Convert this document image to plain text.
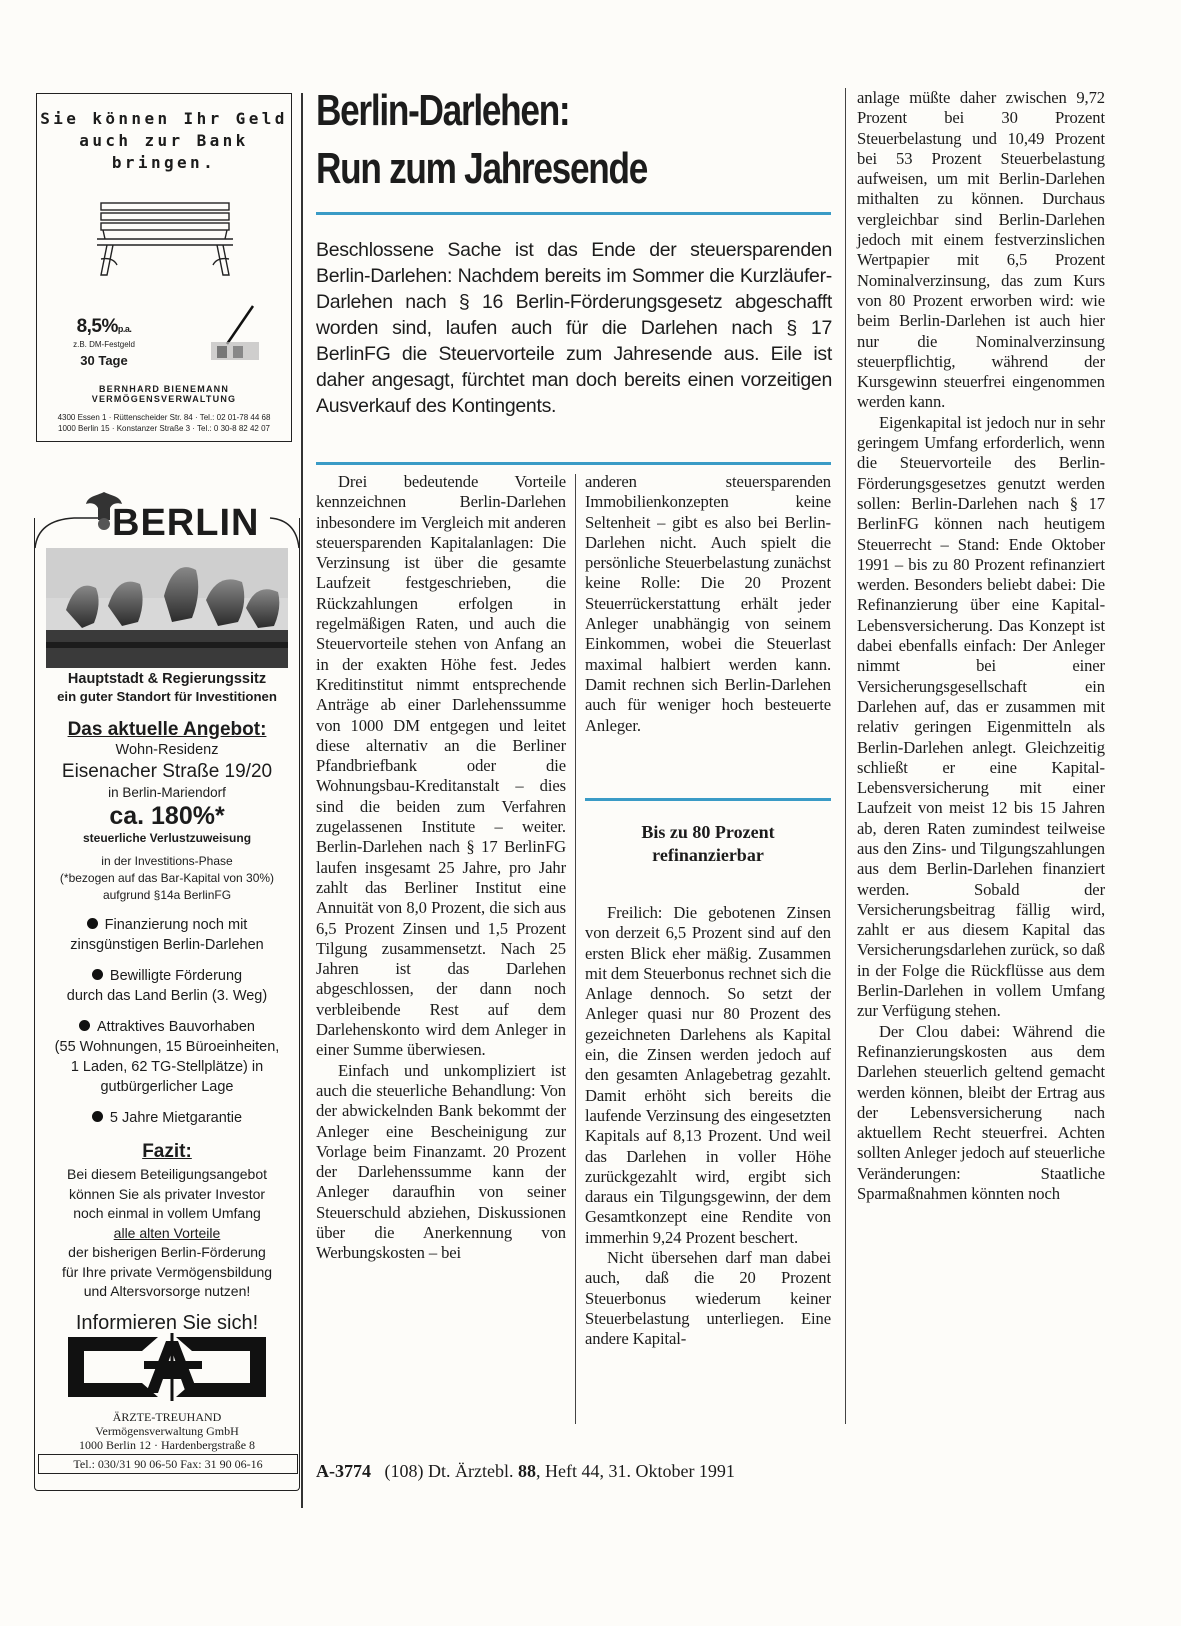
Sie können Ihr Geld auch zur Bank bringen.
8,5%p.a.
z.B. DM-Festgeld
30 Tage
BERNHARD BIENEMANN VERMÖGENSVERWALTUNG
4300 Essen 1 · Rüttenscheider Str. 84 · Tel.: 02 01-78 44 68
1000 Berlin 15 · Konstanzer Straße 3 · Tel.: 0 30-8 82 42 07
BERLIN
Hauptstadt & Regierungssitz
ein guter Standort für Investitionen
Das aktuelle Angebot:
Wohn-Residenz
Eisenacher Straße 19/20
in Berlin-Mariendorf
ca. 180%*
steuerliche Verlustzuweisung
in der Investitions-Phase
(*bezogen auf das Bar-Kapital von 30%)
aufgrund §14a BerlinFG
Finanzierung noch mit
zinsgünstigen Berlin-Darlehen
Bewilligte Förderung
durch das Land Berlin (3. Weg)
Attraktives Bauvorhaben
(55 Wohnungen, 15 Büroeinheiten,
1 Laden, 62 TG-Stellplätze) in
gutbürgerlicher Lage
5 Jahre Mietgarantie
Fazit:
Bei diesem Beteiligungsangebot
können Sie als privater Investor
noch einmal in vollem Umfang
alle alten Vorteile
der bisherigen Berlin-Förderung
für Ihre private Vermögensbildung
und Altersvorsorge nutzen!
Informieren Sie sich!
ÄT
ÄRZTE-TREUHAND
Vermögensverwaltung GmbH
1000 Berlin 12 · Hardenbergstraße 8
Tel.: 030/31 90 06-50 Fax: 31 90 06-16
Berlin-Darlehen:
Run zum Jahresende
Beschlossene Sache ist das Ende der steuersparenden Berlin-Darlehen: Nachdem bereits im Sommer die Kurzläufer-Darlehen nach § 16 Berlin-Förderungsgesetz abgeschafft worden sind, laufen auch für die Darlehen nach § 17 BerlinFG die Steuervorteile zum Jahresende aus. Eile ist daher angesagt, fürchtet man doch bereits einen vorzeitigen Ausverkauf des Kontingents.

Drei bedeutende Vorteile kennzeichnen Berlin-Darlehen inbesondere im Vergleich mit anderen steuersparenden Kapitalanlagen: Die Verzinsung ist über die gesamte Laufzeit festgeschrieben, die Rückzahlungen erfolgen in regelmäßigen Raten, und auch die Steuervorteile stehen von Anfang an in der exakten Höhe fest. Jedes Kreditinstitut nimmt entsprechende Anträge ab einer Darlehenssumme von 1000 DM entgegen und leitet diese alternativ an die Berliner Pfandbriefbank oder die Wohnungsbau-Kreditanstalt – dies sind die beiden zum Verfahren zugelassenen Institute – weiter. Berlin-Darlehen nach § 17 BerlinFG laufen insgesamt 25 Jahre, pro Jahr zahlt das Berliner Institut eine Annuität von 8,0 Prozent, die sich aus 6,5 Prozent Zinsen und 1,5 Prozent Tilgung zusammensetzt. Nach 25 Jahren ist das Darlehen abgeschlossen, der dann noch verbleibende Rest auf dem Darlehenskonto wird dem Anleger in einer Summe überwiesen.

Einfach und unkompliziert ist auch die steuerliche Behandlung: Von der abwickelnden Bank bekommt der Anleger eine Bescheinigung zur Vorlage beim Finanzamt. 20 Prozent der Darlehenssumme kann der Anleger daraufhin von seiner Steuerschuld abziehen, Diskussionen über die Anerkennung von Werbungskosten – bei

anderen steuersparenden Immobilienkonzepten keine Seltenheit – gibt es also bei Berlin-Darlehen nicht. Auch spielt die persönliche Steuerbelastung zunächst keine Rolle: Die 20 Prozent Steuerrückerstattung erhält jeder Anleger unabhängig von seinem Einkommen, wobei die Steuerlast maximal halbiert werden kann. Damit rechnen sich Berlin-Darlehen auch für weniger hoch besteuerte Anleger.

Bis zu 80 Prozent
refinanzierbar

Freilich: Die gebotenen Zinsen von derzeit 6,5 Prozent sind auf den ersten Blick eher mäßig. Zusammen mit dem Steuerbonus rechnet sich die Anlage dennoch. So setzt der Anleger quasi nur 80 Prozent des gezeichneten Darlehens als Kapital ein, die Zinsen werden jedoch auf den gesamten Anlagebetrag gezahlt. Damit erhöht sich bereits die laufende Verzinsung des eingesetzten Kapitals auf 8,13 Prozent. Und weil das Darlehen in voller Höhe zurückgezahlt wird, ergibt sich daraus ein Tilgungsgewinn, der dem Gesamtkonzept eine Rendite von immerhin 9,24 Prozent beschert.

Nicht übersehen darf man dabei auch, daß die 20 Prozent Steuerbonus wiederum keiner Steuerbelastung unterliegen. Eine andere Kapital-

anlage müßte daher zwischen 9,72 Prozent bei 30 Prozent Steuerbelastung und 10,49 Prozent bei 53 Prozent Steuerbelastung aufweisen, um mit Berlin-Darlehen mithalten zu können. Durchaus vergleichbar sind Berlin-Darlehen jedoch mit einem festverzinslichen Wertpapier mit 6,5 Prozent Nominalverzinsung, das zum Kurs von 80 Prozent erworben wird: wie beim Berlin-Darlehen ist auch hier nur die Nominalverzinsung steuerpflichtig, während der Kursgewinn steuerfrei eingenommen werden kann.

Eigenkapital ist jedoch nur in sehr geringem Umfang erforderlich, wenn die Steuervorteile des Berlin-Förderungsgesetzes genutzt werden sollen: Berlin-Darlehen nach § 17 BerlinFG können nach heutigem Steuerrecht – Stand: Ende Oktober 1991 – bis zu 80 Prozent refinanziert werden. Besonders beliebt dabei: Die Refinanzierung über eine Kapital-Lebensversicherung. Das Konzept ist dabei ebenfalls einfach: Der Anleger nimmt bei einer Versicherungsgesellschaft ein Darlehen auf, das er zusammen mit relativ geringen Eigenmitteln als Berlin-Darlehen anlegt. Gleichzeitig schließt er eine Kapital-Lebensversicherung mit einer Laufzeit von meist 12 bis 15 Jahren ab, deren Raten zumindest teilweise aus den Zins- und Tilgungszahlungen aus dem Berlin-Darlehen finanziert werden. Sobald der Versicherungsbeitrag fällig wird, zahlt er aus diesem Kapital das Versicherungsdarlehen zurück, so daß in der Folge die Rückflüsse aus dem Berlin-Darlehen in vollem Umfang zur Verfügung stehen.

Der Clou dabei: Während die Refinanzierungskosten aus dem Darlehen steuerlich geltend gemacht werden können, bleibt der Ertrag aus der Lebensversicherung nach aktuellem Recht steuerfrei. Achten sollten Anleger jedoch auf steuerliche Veränderungen: Staatliche Sparmaßnahmen könnten noch

A-3774 (108) Dt. Ärztebl. 88, Heft 44, 31. Oktober 1991
